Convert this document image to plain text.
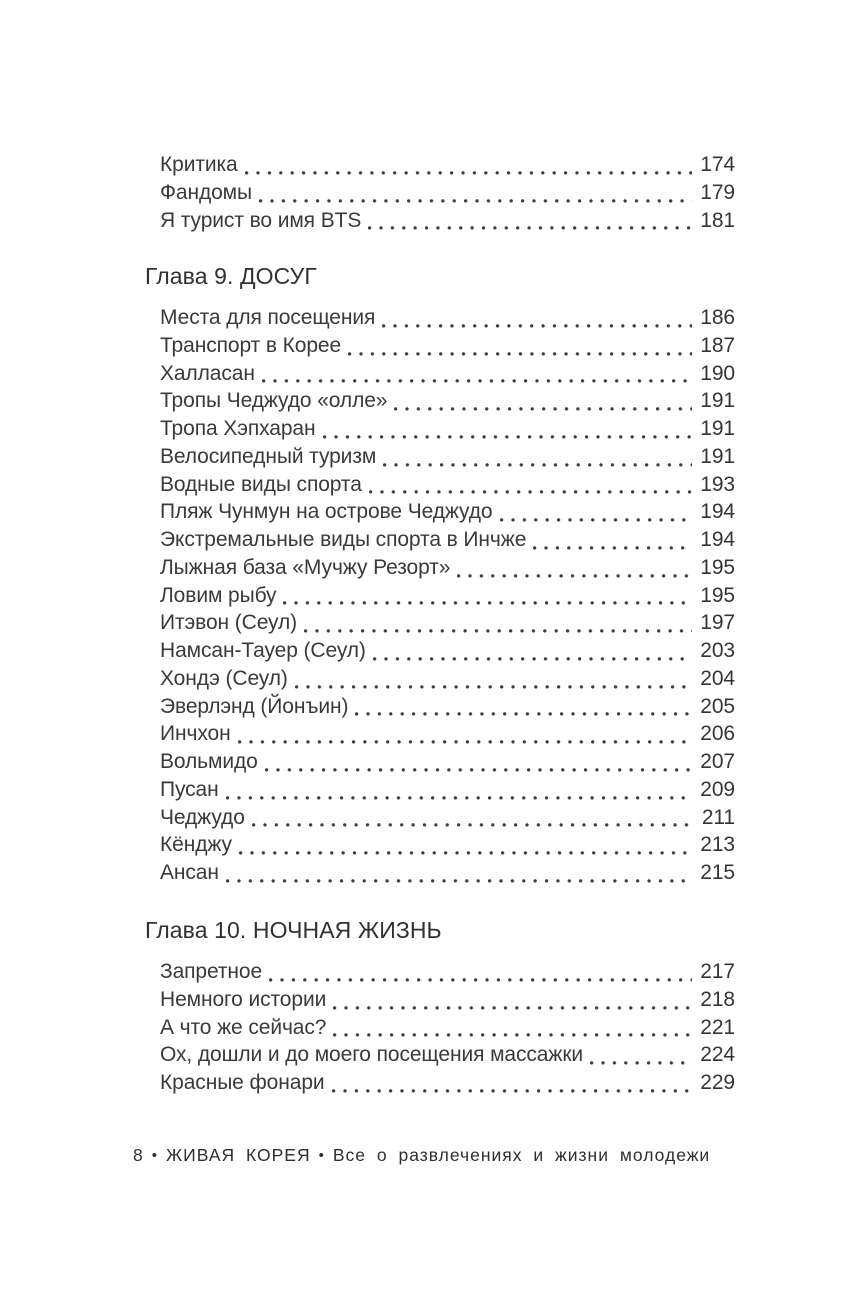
Критика	174
Фандомы	179
Я турист во имя BTS	181
Глава 9. ДОСУГ
Места для посещения	186
Транспорт в Корее	187
Халласан	190
Тропы Чеджудо «олле»	191
Тропа Хэпхаран	191
Велосипедный туризм	191
Водные виды спорта	193
Пляж Чунмун на острове Чеджудо	194
Экстремальные виды спорта в Инчже	194
Лыжная база «Мучжу Резорт»	195
Ловим рыбу	195
Итэвон (Сеул)	197
Намсан-Тауер (Сеул)	203
Хондэ (Сеул)	204
Эверлэнд (Йонъин)	205
Инчхон	206
Вольмидо	207
Пусан	209
Чеджудо	211
Кёнджу	213
Ансан	215
Глава 10. НОЧНАЯ ЖИЗНЬ
Запретное	217
Немного истории	218
А что же сейчас?	221
Ох, дошли и до моего посещения массажки	224
Красные фонари	229
8 • ЖИВАЯ КОРЕЯ • Все о развлечениях и жизни молодежи
